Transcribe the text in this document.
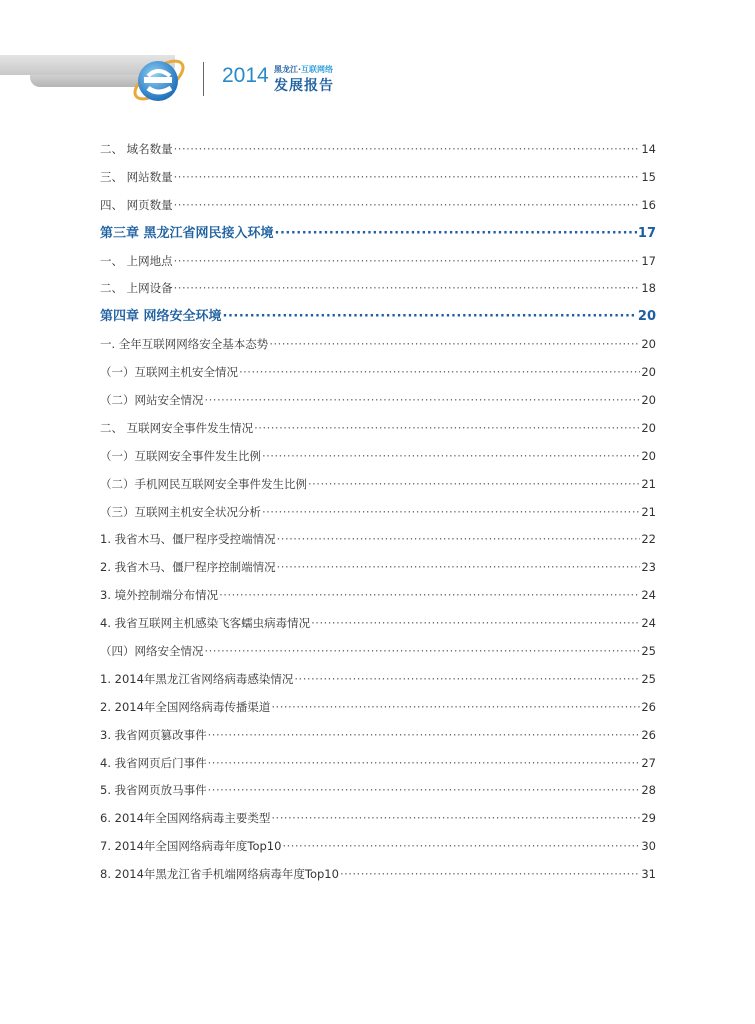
2014 黑龙江·互联网络
发展报告
二、 域名数量 ·····	14
三、 网站数量 ·····	15
四、 网页数量 ·····	16
第三章 黑龙江省网民接入环境 ·····	17
一、 上网地点 ·····	17
二、 上网设备 ·····	18
第四章 网络安全环境 ·····	20
一. 全年互联网网络安全基本态势 ·····	20
（一）互联网主机安全情况 ·····	20
（二）网站安全情况 ·····	20
二、 互联网安全事件发生情况 ·····	20
（一）互联网安全事件发生比例 ·····	20
（二）手机网民互联网安全事件发生比例 ·····	21
（三）互联网主机安全状况分析 ·····	21
1. 我省木马、僵尸程序受控端情况 ·····	22
2. 我省木马、僵尸程序控制端情况 ·····	23
3. 境外控制端分布情况 ·····	24
4. 我省互联网主机感染飞客蠕虫病毒情况 ·····	24
（四）网络安全情况 ·····	25
1. 2014年黑龙江省网络病毒感染情况 ·····	25
2. 2014年全国网络病毒传播渠道 ·····	26
3. 我省网页篡改事件 ·····	26
4. 我省网页后门事件 ·····	27
5. 我省网页放马事件 ·····	28
6. 2014年全国网络病毒主要类型 ·····	29
7. 2014年全国网络病毒年度Top10 ·····	30
8. 2014年黑龙江省手机端网络病毒年度Top10 ·····	31
